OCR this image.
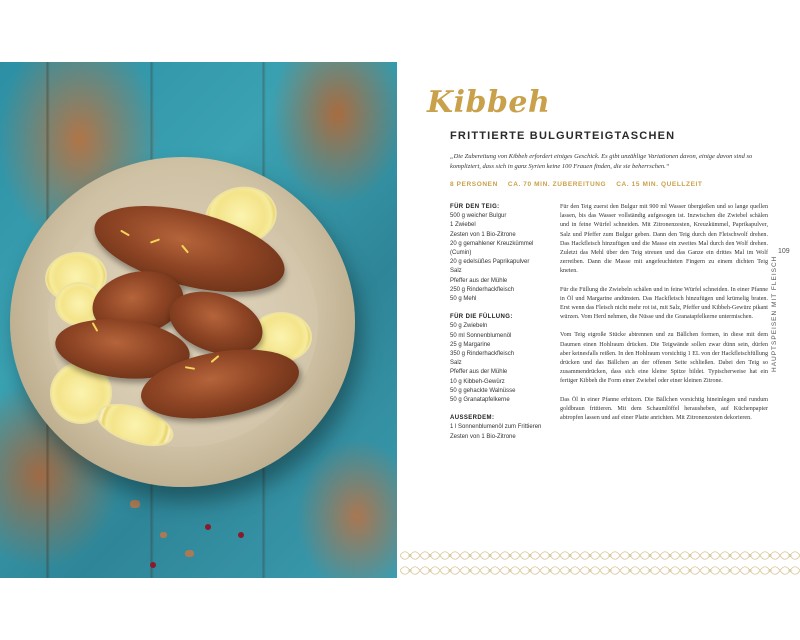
Kibbeh
FRITTIERTE BULGURTEIGTASCHEN
„Die Zubereitung von Kibbeh erfordert einiges Geschick. Es gibt unzählige Variationen davon, einige davon sind so kompliziert, dass sich in ganz Syrien keine 100 Frauen finden, die sie beherrschen.“
8 PERSONEN CA. 70 MIN. ZUBEREITUNG CA. 15 MIN. QUELLZEIT
FÜR DEN TEIG:
500 g weicher Bulgur
1 Zwiebel
Zesten von 1 Bio-Zitrone
20 g gemahlener Kreuzkümmel
(Cumin)
20 g edelsüßes Paprikapulver
Salz
Pfeffer aus der Mühle
250 g Rinderhackfleisch
50 g Mehl
FÜR DIE FÜLLUNG:
50 g Zwiebeln
50 ml Sonnenblumenöl
25 g Margarine
350 g Rinderhackfleisch
Salz
Pfeffer aus der Mühle
10 g Kibbeh-Gewürz
50 g gehackte Walnüsse
50 g Granatapfelkerne
AUSSERDEM:
1 l Sonnenblumenöl zum Frittieren
Zesten von 1 Bio-Zitrone

Für den Teig zuerst den Bulgur mit 900 ml Wasser übergießen und so lange quellen lassen, bis das Wasser vollständig aufgesogen ist. Inzwischen die Zwiebel schälen und in feine Würfel schneiden. Mit Zitronenzesten, Kreuzkümmel, Paprikapulver, Salz und Pfeffer zum Bulgur geben. Dann den Teig durch den Fleischwolf drehen. Das Hackfleisch hinzufügen und die Masse ein zweites Mal durch den Wolf drehen. Zuletzt das Mehl über den Teig streuen und das Ganze ein drittes Mal im Wolf zerreiben. Dann die Masse mit angefeuchteten Fingern zu einem dichten Teig kneten.

Für die Füllung die Zwiebeln schälen und in feine Würfel schneiden. In einer Pfanne in Öl und Margarine andünsten. Das Hackfleisch hinzufügen und krümelig braten. Erst wenn das Fleisch nicht mehr rot ist, mit Salz, Pfeffer und Kibbeh-Gewürz pikant würzen. Vom Herd nehmen, die Nüsse und die Granatapfelkerne untermischen.

Vom Teig eigroße Stücke abtrennen und zu Bällchen formen, in diese mit dem Daumen einen Hohlraum drücken. Die Teigwände sollen zwar dünn sein, dürfen aber keinesfalls reißen. In den Hohlraum vorsichtig 1 EL von der Hackfleischfüllung drücken und das Bällchen an der offenen Seite schließen. Dabei den Teig so zusammendrücken, dass sich eine kleine Spitze bildet. Typischerweise hat ein fertiger Kibbeh die Form einer Zwiebel oder einer kleinen Zitrone.

Das Öl in einer Pfanne erhitzen. Die Bällchen vorsichtig hineinlegen und rundum goldbraun frittieren. Mit dem Schaumlöffel herausheben, auf Küchenpapier abtropfen lassen und auf einer Platte anrichten. Mit Zitronenzesten dekorieren.

109
HAUPTSPEISEN MIT FLEISCH
